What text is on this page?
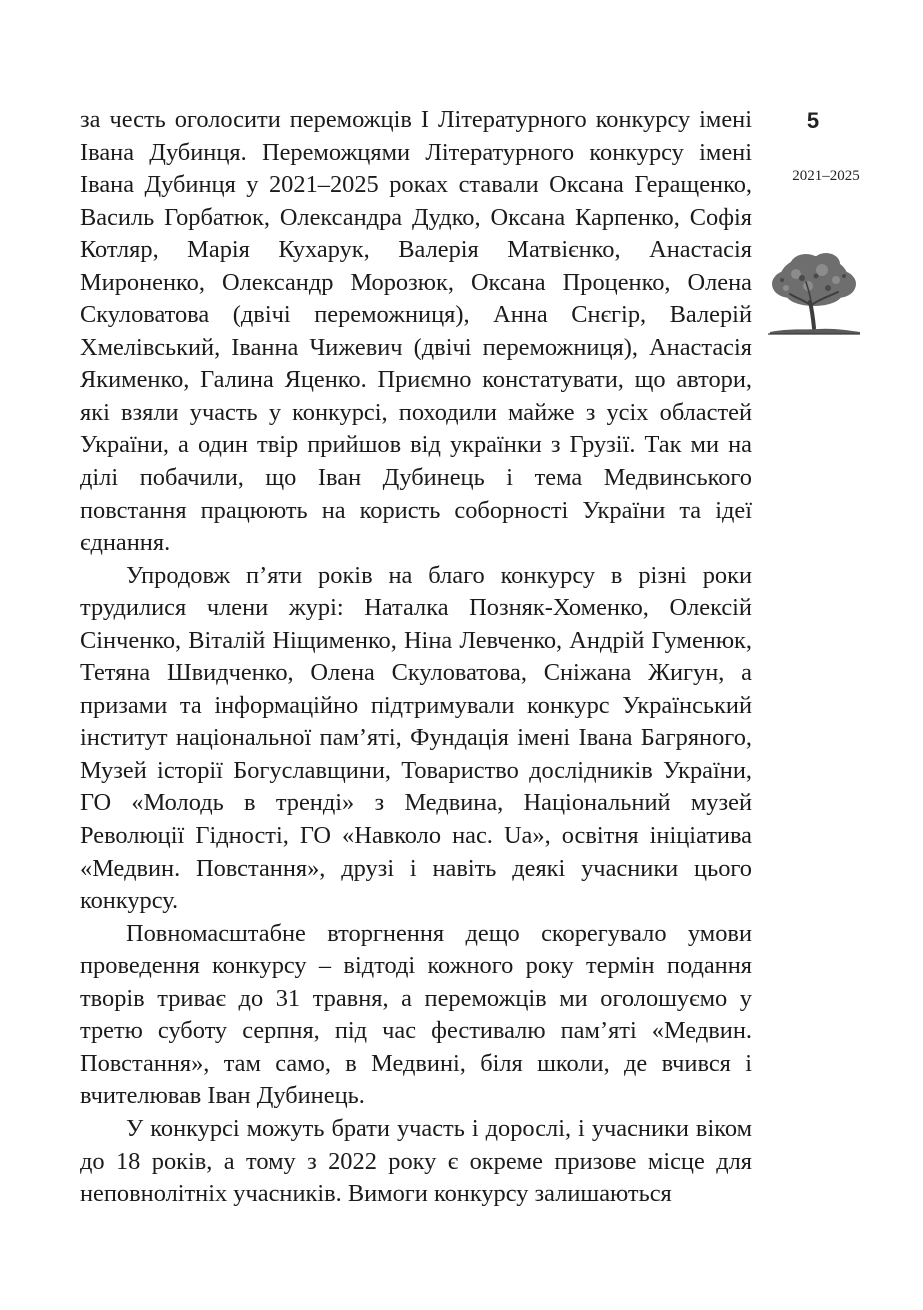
за честь оголосити переможців І Літературного конкурсу імені Івана Дубинця. Переможцями Літературного конкурсу імені Івана Дубинця у 2021–2025 роках ставали Оксана Геращенко, Василь Горбатюк, Олександра Дудко, Оксана Карпенко, Софія Котляр, Марія Кухарук, Валерія Матвієнко, Анастасія Мироненко, Олександр Морозюк, Оксана Проценко, Олена Скуловатова (двічі переможниця), Анна Снєгір, Валерій Хмелівський, Іванна Чижевич (двічі переможниця), Анастасія Якименко, Галина Яценко. Приємно констатувати, що автори, які взяли участь у конкурсі, походили майже з усіх областей України, а один твір прийшов від українки з Грузії. Так ми на ділі побачили, що Іван Дубинець і тема Медвинського повстання працюють на користь соборності України та ідеї єднання.

Упродовж п’яти років на благо конкурсу в різні роки трудилися члени журі: Наталка Позняк-Хоменко, Олексій Сінченко, Віталій Ніщименко, Ніна Левченко, Андрій Гуменюк, Тетяна Швидченко, Олена Скуловатова, Сніжана Жигун, а призами та інформаційно підтримували конкурс Український інститут національної пам’яті, Фундація імені Івана Багряного, Музей історії Богуславщини, Товариство дослідників України, ГО «Молодь в тренді» з Медвина, Національний музей Революції Гідності, ГО «Навколо нас. Ua», освітня ініціатива «Медвин. Повстання», друзі і навіть деякі учасники цього конкурсу.

Повномасштабне вторгнення дещо скорегувало умови проведення конкурсу – відтоді кожного року термін подання творів триває до 31 травня, а переможців ми оголошуємо у третю суботу серпня, під час фестивалю пам’яті «Медвин. Повстання», там само, в Медвині, біля школи, де вчився і вчителював Іван Дубинець.

У конкурсі можуть брати участь і дорослі, і учасники віком до 18 років, а тому з 2022 року є окреме призове місце для неповнолітніх учасників. Вимоги конкурсу залишаються

5
2021–2025
